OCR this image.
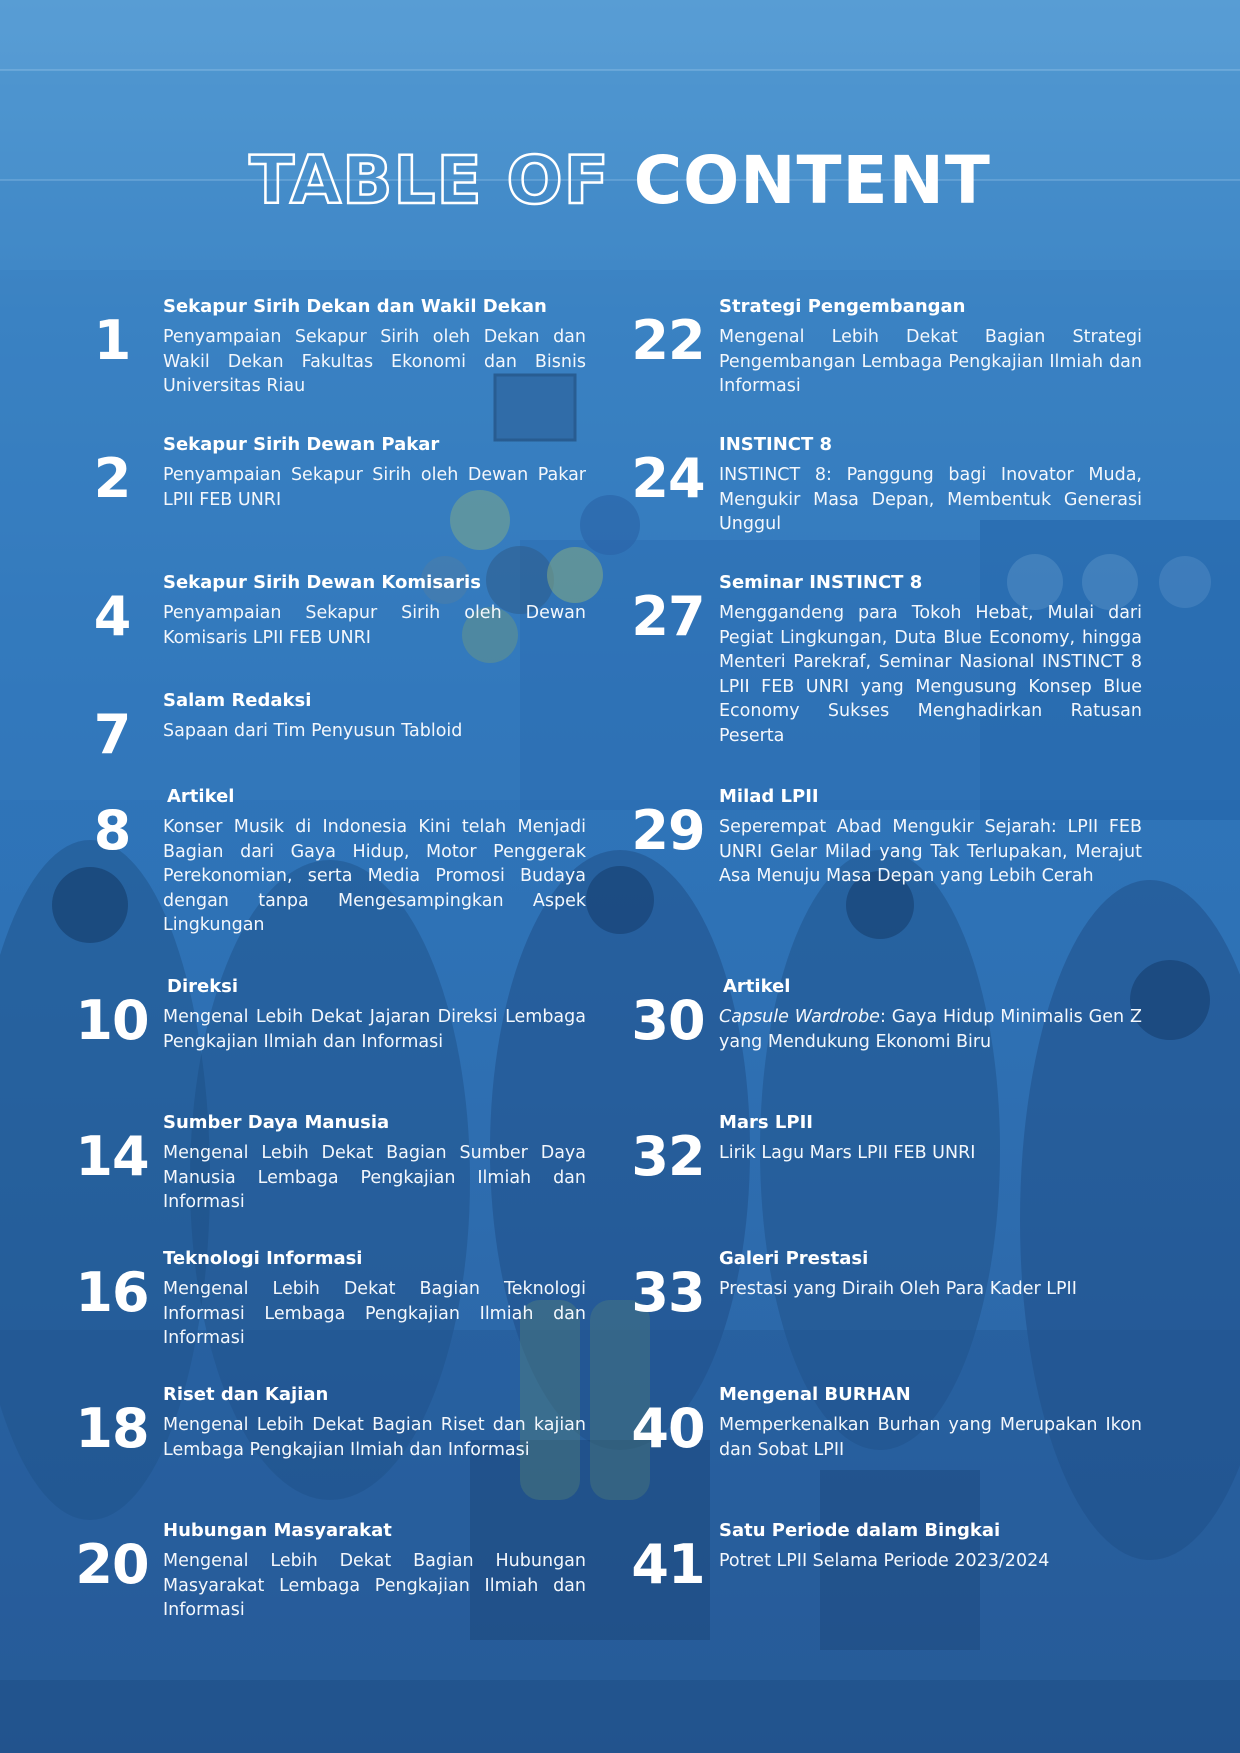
TABLE OF CONTENT
1
Sekapur Sirih Dekan dan Wakil Dekan
Penyampaian Sekapur Sirih oleh Dekan dan Wakil Dekan Fakultas Ekonomi dan Bisnis Universitas Riau
2
Sekapur Sirih Dewan Pakar
Penyampaian Sekapur Sirih oleh Dewan Pakar LPII FEB UNRI
4
Sekapur Sirih Dewan Komisaris
Penyampaian Sekapur Sirih oleh Dewan Komisaris LPII FEB UNRI
7
Salam Redaksi
Sapaan dari Tim Penyusun Tabloid
8
Artikel
Konser Musik di Indonesia Kini telah Menjadi Bagian dari Gaya Hidup, Motor Penggerak Perekonomian, serta Media Promosi Budaya dengan tanpa Mengesampingkan Aspek Lingkungan
10
Direksi
Mengenal Lebih Dekat Jajaran Direksi Lembaga Pengkajian Ilmiah dan Informasi
14
Sumber Daya Manusia
Mengenal Lebih Dekat Bagian Sumber Daya Manusia Lembaga Pengkajian Ilmiah dan Informasi
16
Teknologi Informasi
Mengenal Lebih Dekat Bagian Teknologi Informasi Lembaga Pengkajian Ilmiah dan Informasi
18
Riset dan Kajian
Mengenal Lebih Dekat Bagian Riset dan kajian Lembaga Pengkajian Ilmiah dan Informasi
20
Hubungan Masyarakat
Mengenal Lebih Dekat Bagian Hubungan Masyarakat Lembaga Pengkajian Ilmiah dan Informasi
22
Strategi Pengembangan
Mengenal Lebih Dekat Bagian Strategi Pengembangan Lembaga Pengkajian Ilmiah dan Informasi
24
INSTINCT 8
INSTINCT 8: Panggung bagi Inovator Muda, Mengukir Masa Depan, Membentuk Generasi Unggul
27
Seminar INSTINCT 8
Menggandeng para Tokoh Hebat, Mulai dari Pegiat Lingkungan, Duta Blue Economy, hingga Menteri Parekraf, Seminar Nasional INSTINCT 8 LPII FEB UNRI yang Mengusung Konsep Blue Economy Sukses Menghadirkan Ratusan Peserta
29
Milad LPII
Seperempat Abad Mengukir Sejarah: LPII FEB UNRI Gelar Milad yang Tak Terlupakan, Merajut Asa Menuju Masa Depan yang Lebih Cerah
30
Artikel
Capsule Wardrobe: Gaya Hidup Minimalis Gen Z yang Mendukung Ekonomi Biru
32
Mars LPII
Lirik Lagu Mars LPII FEB UNRI
33
Galeri Prestasi
Prestasi yang Diraih Oleh Para Kader LPII
40
Mengenal BURHAN
Memperkenalkan Burhan yang Merupakan Ikon dan Sobat LPII
41
Satu Periode dalam Bingkai
Potret LPII Selama Periode 2023/2024
